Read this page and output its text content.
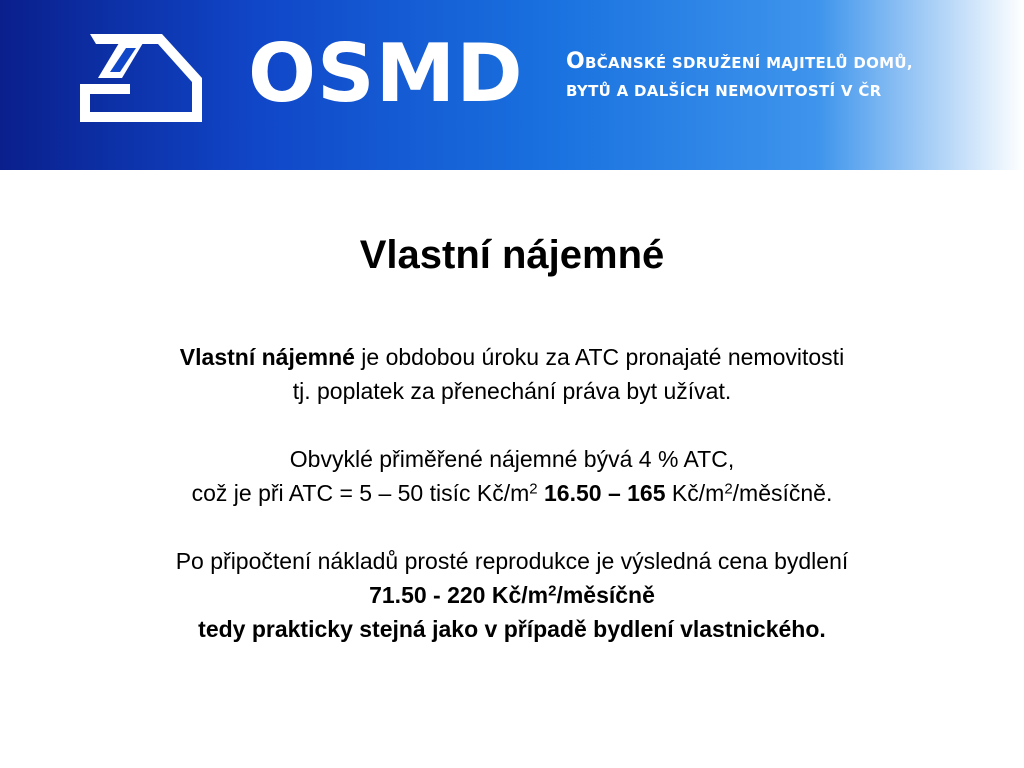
OSMD OBČANSKÉ SDRUŽENÍ MAJITELŮ DOMŮ,
BYTŮ A DALŠÍCH NEMOVITOSTÍ V ČR
Vlastní nájemné

Vlastní nájemné je obdobou úroku za ATC pronajaté nemovitosti

tj. poplatek za přenechání práva byt užívat.

Obvyklé přiměřené nájemné bývá 4 % ATC,

což je při ATC = 5 – 50 tisíc $Kč/m^2$ 16.50 – 165 $Kč/m^2$/měsíčně.

Po připočtení nákladů prosté reprodukce je výsledná cena bydlení

71.50 - 220 $Kč/m^2$/měsíčně

tedy prakticky stejná jako v případě bydlení vlastnického.
